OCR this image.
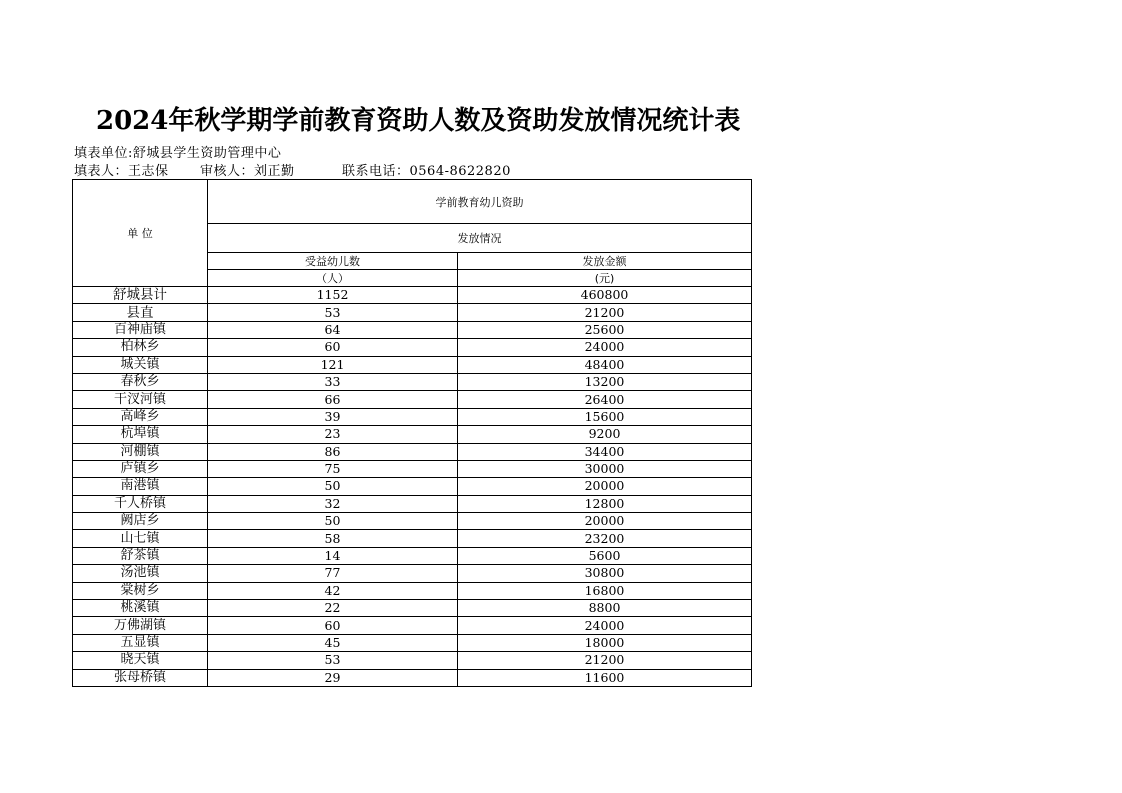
2024年秋学期学前教育资助人数及资助发放情况统计表
填表单位:舒城县学生资助管理中心
填表人：王志保 审核人：刘正勤	联系电话：0564-8622820
单 位	学前教育幼儿资助	
	发放情况	
	受益幼儿数	发放金额
	（人）	(元)
舒城县计	1152	460800
县直	53	21200
百神庙镇	64	25600
柏林乡	60	24000
城关镇	121	48400
春秋乡	33	13200
干汊河镇	66	26400
高峰乡	39	15600
杭埠镇	23	9200
河棚镇	86	34400
庐镇乡	75	30000
南港镇	50	20000
千人桥镇	32	12800
阙店乡	50	20000
山七镇	58	23200
舒茶镇	14	5600
汤池镇	77	30800
棠树乡	42	16800
桃溪镇	22	8800
万佛湖镇	60	24000
五显镇	45	18000
晓天镇	53	21200
张母桥镇	29	11600
